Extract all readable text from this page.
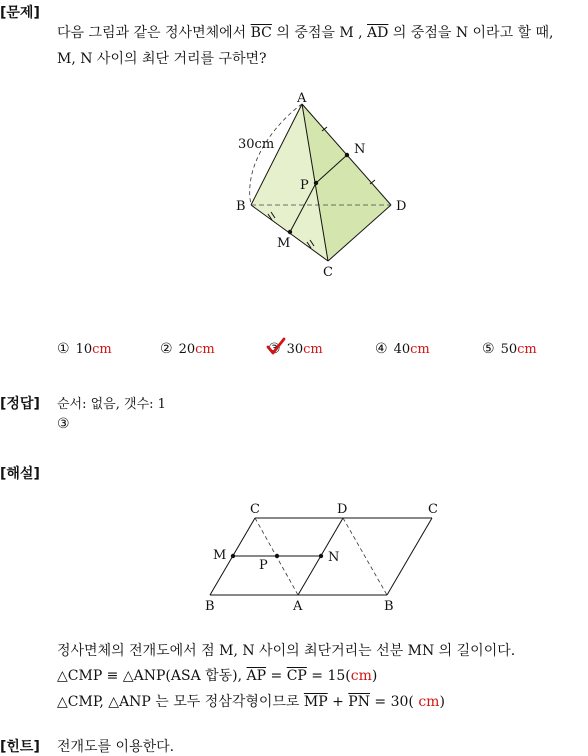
[문제]
다음 그림과 같은 정사면체에서 $\overline{BC}$ 의 중점을 M , $\overline{AD}$ 의 중점을 N 이라고 할 때,
M, N 사이의 최단 거리를 구하면?
A
B
C
D
M
N
P
30cm
① 10cm	② 20cm	③ 30cm	④ 40cm	⑤ 50cm
[정답] 순서: 없음, 갯수: 1
③
[해설]
C	D	C
B	A	B
M
P
N
정사면체의 전개도에서 점 M, N 사이의 최단거리는 선분 MN 의 길이이다.
△CMP ≡ △ANP(ASA 합동), $\overline{AP} = \overline{CP} = 15(cm)$
△CMP, △ANP 는 모두 정삼각형이므로 $\overline{MP} + \overline{PN} = 30$( cm)
[힌트] 전개도를 이용한다.
